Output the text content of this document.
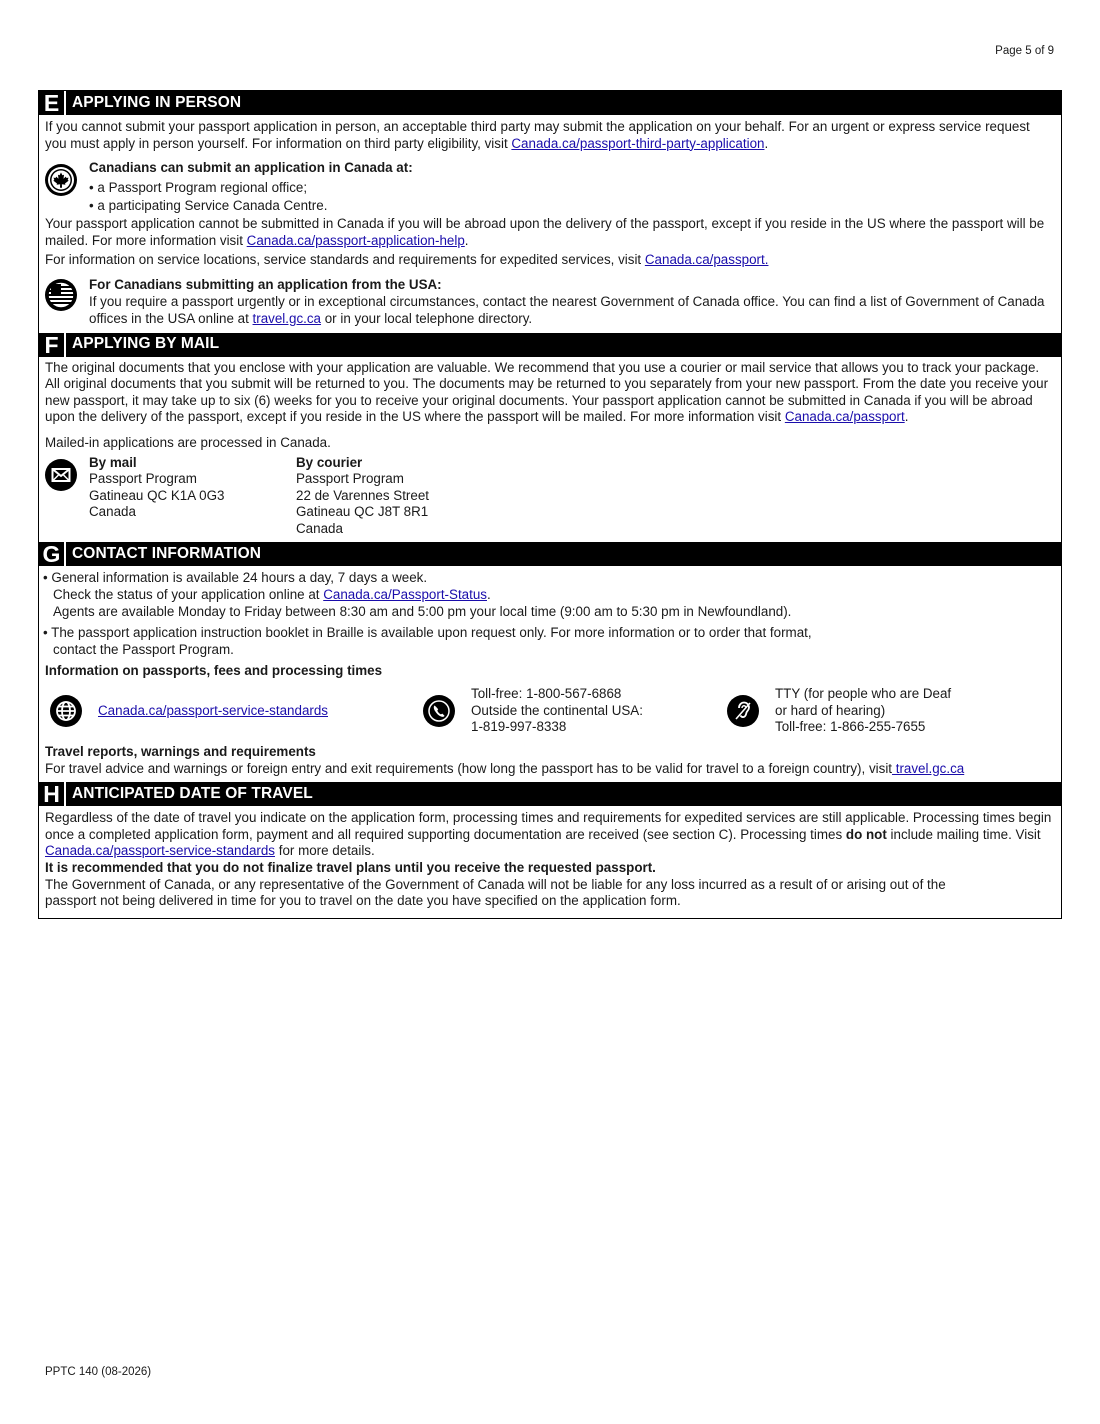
Page 5 of 9
E APPLYING IN PERSON

If you cannot submit your passport application in person, an acceptable third party may submit the application on your behalf. For an urgent or express service request you must apply in person yourself. For information on third party eligibility, visit Canada.ca/passport-third-party-application.

Canadians can submit an application in Canada at:
• a Passport Program regional office;
• a participating Service Canada Centre.

Your passport application cannot be submitted in Canada if you will be abroad upon the delivery of the passport, except if you reside in the US where the passport will be mailed. For more information visit Canada.ca/passport-application-help.

For information on service locations, service standards and requirements for expedited services, visit Canada.ca/passport.

For Canadians submitting an application from the USA:
If you require a passport urgently or in exceptional circumstances, contact the nearest Government of Canada office. You can find a list of Government of Canada offices in the USA online at travel.gc.ca or in your local telephone directory.
F APPLYING BY MAIL

The original documents that you enclose with your application are valuable. We recommend that you use a courier or mail service that allows you to track your package. All original documents that you submit will be returned to you. The documents may be returned to you separately from your new passport. From the date you receive your new passport, it may take up to six (6) weeks for you to receive your original documents. Your passport application cannot be submitted in Canada if you will be abroad upon the delivery of the passport, except if you reside in the US where the passport will be mailed. For more information visit Canada.ca/passport.

Mailed-in applications are processed in Canada.

By mail
Passport Program
Gatineau QC K1A 0G3
Canada
By courier
Passport Program
22 de Varennes Street
Gatineau QC J8T 8R1
Canada
G CONTACT INFORMATION
• General information is available 24 hours a day, 7 days a week.
Check the status of your application online at Canada.ca/Passport-Status.
Agents are available Monday to Friday between 8:30 am and 5:00 pm your local time (9:00 am to 5:30 pm in Newfoundland).
• The passport application instruction booklet in Braille is available upon request only. For more information or to order that format,
contact the Passport Program.
Information on passports, fees and processing times
Canada.ca/passport-service-standards
Toll-free: 1-800-567-6868
Outside the continental USA:
1-819-997-8338
TTY (for people who are Deaf
or hard of hearing)
Toll-free: 1-866-255-7655
Travel reports, warnings and requirements
For travel advice and warnings or foreign entry and exit requirements (how long the passport has to be valid for travel to a foreign country), visit travel.gc.ca
H ANTICIPATED DATE OF TRAVEL
Regardless of the date of travel you indicate on the application form, processing times and requirements for expedited services are still applicable. Processing times begin once a completed application form, payment and all required supporting documentation are received (see section C). Processing times do not include mailing time. Visit Canada.ca/passport-service-standards for more details.
It is recommended that you do not finalize travel plans until you receive the requested passport.
The Government of Canada, or any representative of the Government of Canada will not be liable for any loss incurred as a result of or arising out of the passport not being delivered in time for you to travel on the date you have specified on the application form.
PPTC 140 (08-2026)
